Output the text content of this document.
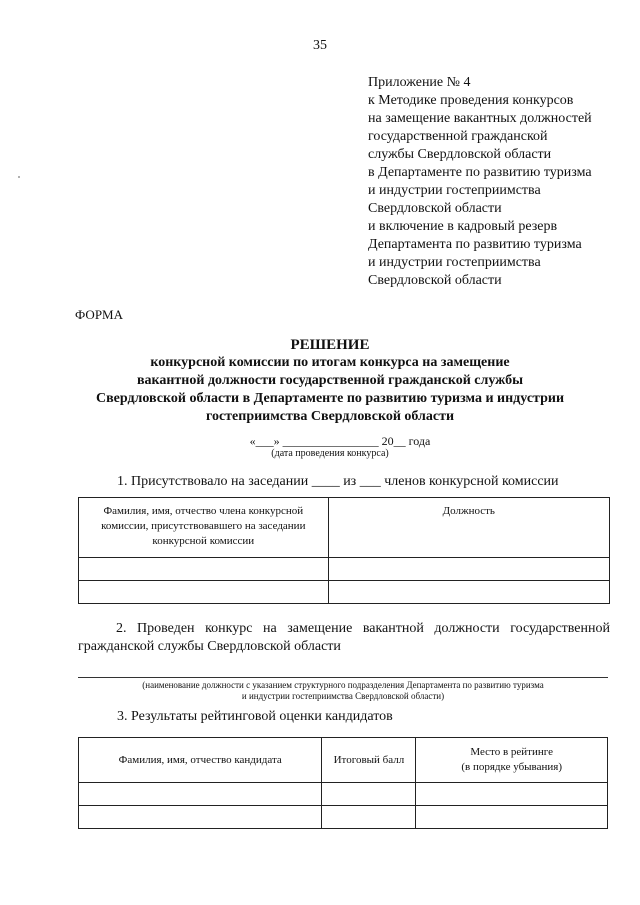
35
Приложение № 4
к Методике проведения конкурсов
на замещение вакантных должностей
государственной гражданской
службы Свердловской области
в Департаменте по развитию туризма
и индустрии гостеприимства
Свердловской области
и включение в кадровый резерв
Департамента по развитию туризма
и индустрии гостеприимства
Свердловской области
ФОРМА
РЕШЕНИЕ
конкурсной комиссии по итогам конкурса на замещение
вакантной должности государственной гражданской службы
Свердловской области в Департаменте по развитию туризма и индустрии
гостеприимства Свердловской области
«___» ________________ 20__ года
(дата проведения конкурса)
1. Присутствовало на заседании ____ из ___ членов конкурсной комиссии
Фамилия, имя, отчество члена конкурсной комиссии, присутствовавшего на заседании конкурсной комиссии	Должность

2. Проведен конкурс на замещение вакантной должности государственной гражданской службы Свердловской области
(наименование должности с указанием структурного подразделения Департамента по развитию туризма
и индустрии гостеприимства Свердловской области)
3. Результаты рейтинговой оценки кандидатов
Фамилия, имя, отчество кандидата	Итоговый балл	Место в рейтинге
(в порядке убывания)
